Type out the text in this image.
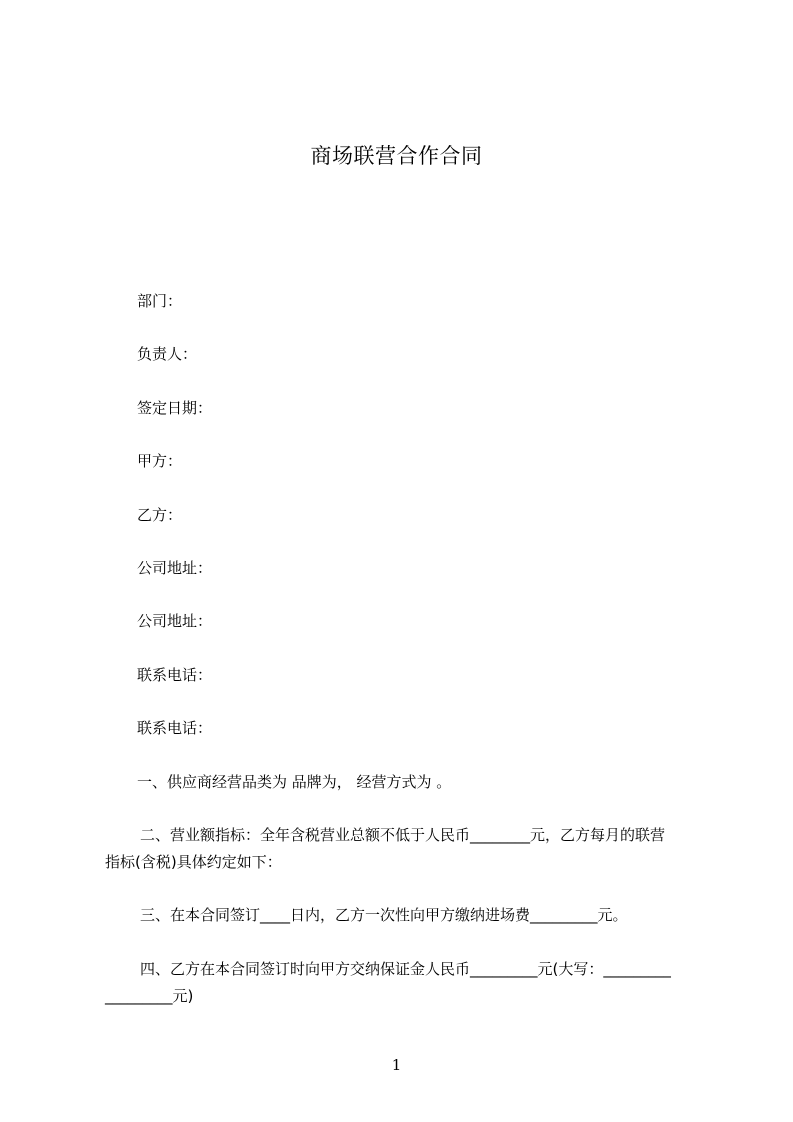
商场联营合作合同
部门：
负责人：
签定日期：
甲方：
乙方：
公司地址：
公司地址：
联系电话：
联系电话：
一、供应商经营品类为 品牌为， 经营方式为 。
二、营业额指标：全年含税营业总额不低于人民币________元，乙方每月的联营
指标(含税)具体约定如下：
三、在本合同签订____日内，乙方一次性向甲方缴纳进场费_________元。
四、乙方在本合同签订时向甲方交纳保证金人民币_________元(大写：_________
_________元)
1
